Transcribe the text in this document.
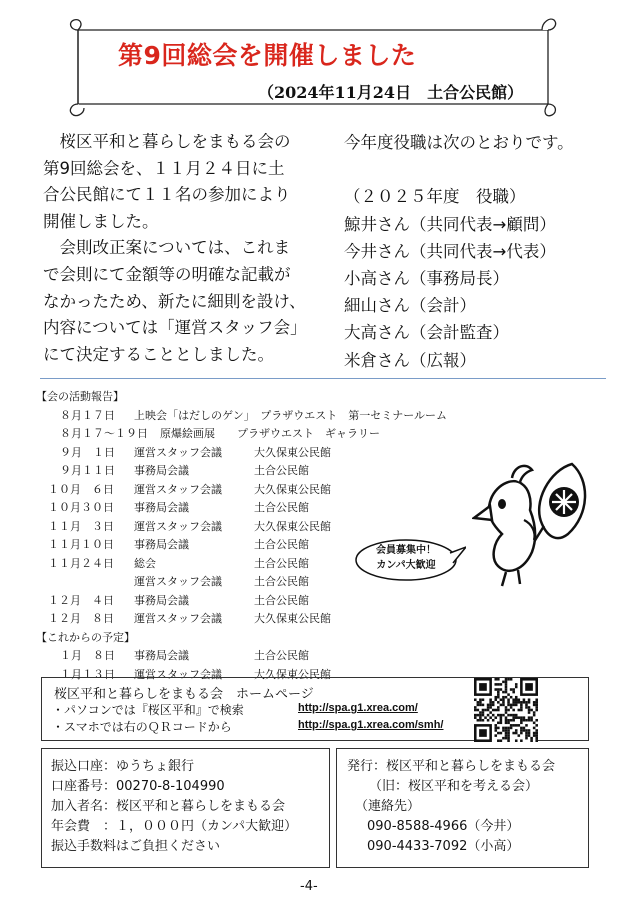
第9回総会を開催しました
（2024年11月24日　土合公民館）

　桜区平和と暮らしをまもる会の

第9回総会を、１１月２４日に土

合公民館にて１１名の参加により

開催しました。

　会則改正案については、これま

で会則にて金額等の明確な記載が

なかったため、新たに細則を設け、

内容については「運営スタッフ会」

にて決定することとしました。

今年度役職は次のとおりです。

（２０２５年度　役職）

鯨井さん（共同代表→顧問）

今井さん（共同代表→代表）

小高さん（事務局長）

細山さん（会計）

大高さん（会計監査）

米倉さん（広報）

【会の活動報告】
８月１７日 上映会「はだしのゲン」　プラザウエスト　第一セミナールーム
８月１７～１９日 原爆絵画展　　プラザウエスト　ギャラリー
９月　１日 運営スタッフ会議	大久保東公民館
９月１１日 事務局会議	土合公民館
１０月　６日 運営スタッフ会議	大久保東公民館
１０月３０日 事務局会議	土合公民館
１１月　３日 運営スタッフ会議	大久保東公民館
１１月１０日 事務局会議	土合公民館
１１月２４日 総会	土合公民館
運営スタッフ会議	土合公民館
１２月　４日 事務局会議	土合公民館
１２月　８日 運営スタッフ会議	大久保東公民館
【これからの予定】
１月　８日 事務局会議	土合公民館
１月１３日 運営スタッフ会議	大久保東公民館
会員募集中！
カンパ大歓迎
桜区平和と暮らしをまもる会　ホームページ
・パソコンでは『桜区平和』で検索	http://spa.g1.xrea.com/
・スマホでは右のＱＲコードから	http://spa.g1.xrea.com/smh/

振込口座：ゆうちょ銀行

口座番号：00270-8-104990

加入者名：桜区平和と暮らしをまもる会

年会費　：１，０００円（カンパ大歓迎）

振込手数料はご負担ください

発行：桜区平和と暮らしをまもる会

（旧：桜区平和を考える会）

（連絡先）

090-8588-4966（今井）

090-4433-7092（小高）

-4-
